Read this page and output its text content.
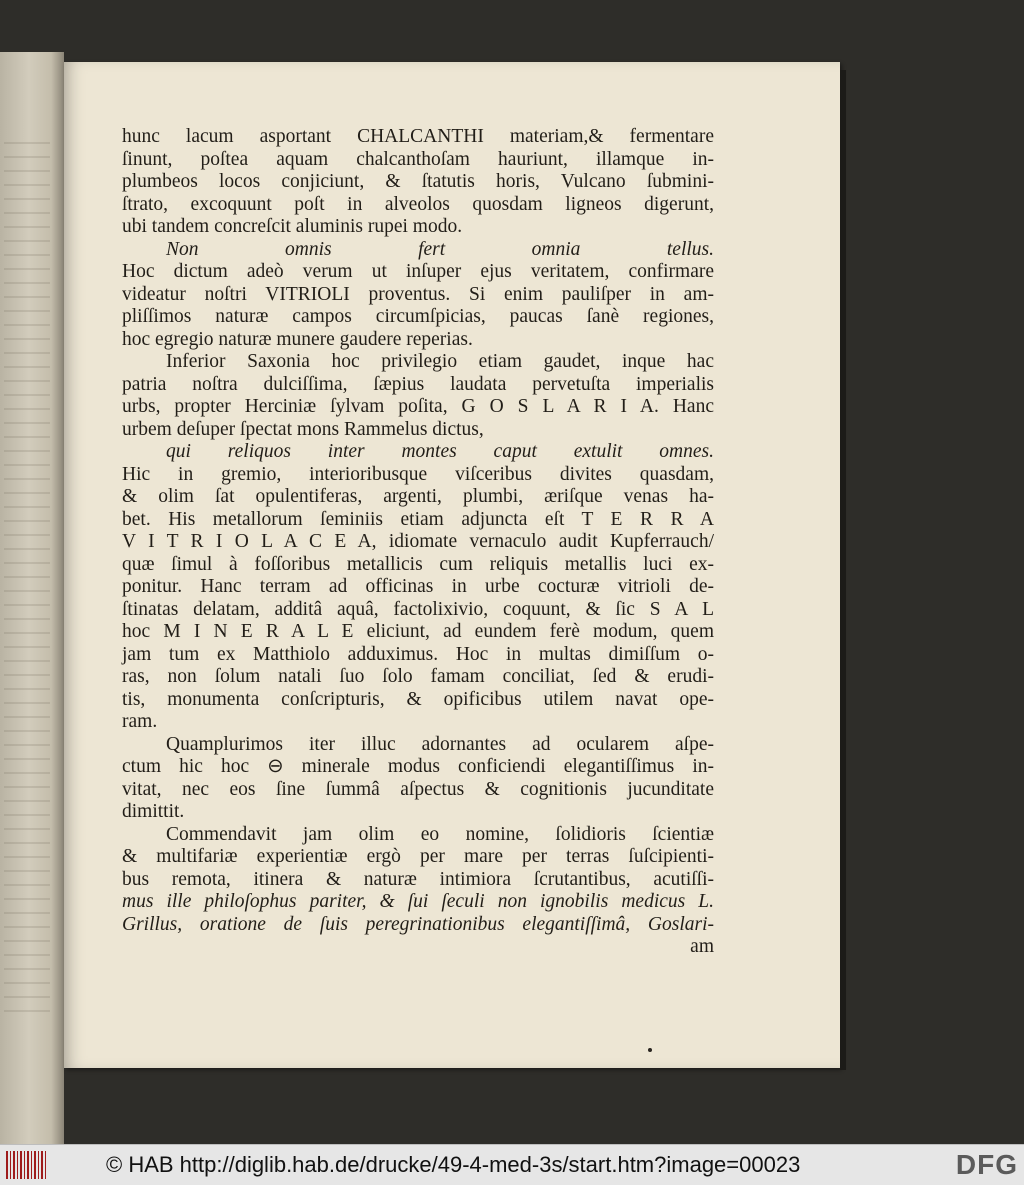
hunc lacum asportant CHALCANTHI materiam,& fermentare
ſinunt, poſtea aquam chalcanthoſam hauriunt, illamque in-
plumbeos locos conjiciunt, & ſtatutis horis, Vulcano ſubmini-
ſtrato, excoquunt poſt in alveolos quosdam ligneos digerunt,
ubi tandem concreſcit aluminis rupei modo.
Non omnis fert omnia tellus.
Hoc dictum adeò verum ut inſuper ejus veritatem, confirmare
videatur noſtri VITRIOLI proventus. Si enim pauliſper in am-
pliſſimos naturæ campos circumſpicias, paucas ſanè regiones,
hoc egregio naturæ munere gaudere reperias.
Inferior Saxonia hoc privilegio etiam gaudet, inque hac
patria noſtra dulciſſima, ſæpius laudata pervetuſta imperialis
urbs, propter Herciniæ ſylvam poſita, G O S L A R I A. Hanc
urbem deſuper ſpectat mons Rammelus dictus,
qui reliquos inter montes caput extulit omnes.
Hic in gremio, interioribusque viſceribus divites quasdam,
& olim ſat opulentiferas, argenti, plumbi, æriſque venas ha-
bet. His metallorum ſeminiis etiam adjuncta eſt T E R R A
V I T R I O L A C E A, idiomate vernaculo audit Kupferrauch/
quæ ſimul à foſſoribus metallicis cum reliquis metallis luci ex-
ponitur. Hanc terram ad officinas in urbe cocturæ vitrioli de-
ſtinatas delatam, additâ aquâ, factolixivio, coquunt, & ſic S A L
hoc M I N E R A L E eliciunt, ad eundem ferè modum, quem
jam tum ex Matthiolo adduximus. Hoc in multas dimiſſum o-
ras, non ſolum natali ſuo ſolo famam conciliat, ſed & erudi-
tis, monumenta conſcripturis, & opificibus utilem navat ope-
ram.
Quamplurimos iter illuc adornantes ad ocularem aſpe-
ctum hic hoc ⊖ minerale modus conficiendi elegantiſſimus in-
vitat, nec eos ſine ſummâ aſpectus & cognitionis jucunditate
dimittit.
Commendavit jam olim eo nomine, ſolidioris ſcientiæ
& multifariæ experientiæ ergò per mare per terras ſuſcipienti-
bus remota, itinera & naturæ intimiora ſcrutantibus, acutiſſi-
mus ille philoſophus pariter, & ſui ſeculi non ignobilis medicus L.
Grillus, oratione de ſuis peregrinationibus elegantiſſimâ, Goslari-
am
© HAB http://diglib.hab.de/drucke/49-4-med-3s/start.htm?image=00023	DFG
